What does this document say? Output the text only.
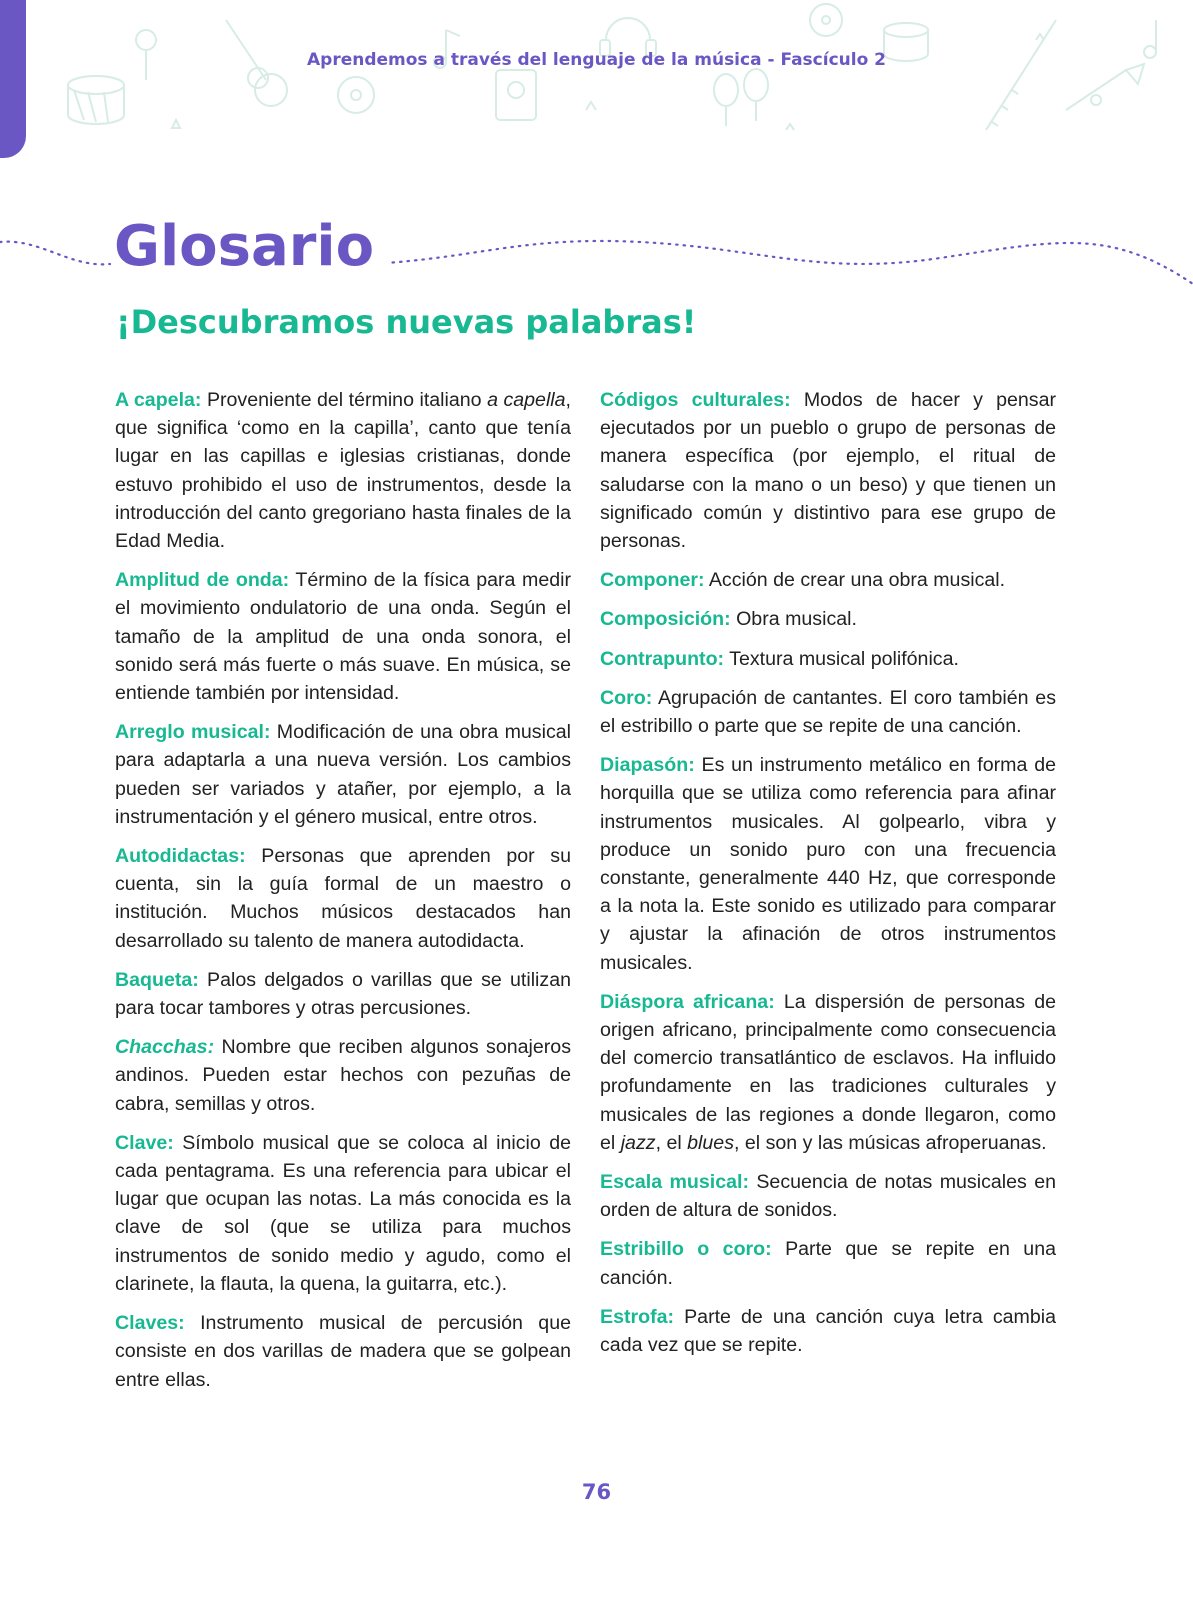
Aprendemos a través del lenguaje de la música - Fascículo 2
Glosario
¡Descubramos nuevas palabras!

A capela: Proveniente del término italiano a capella, que significa ‘como en la capilla’, canto que tenía lugar en las capillas e iglesias cristianas, donde estuvo prohibido el uso de instrumentos, desde la introducción del canto gregoriano hasta finales de la Edad Media.

Amplitud de onda: Término de la física para medir el movimiento ondulatorio de una onda. Según el tamaño de la amplitud de una onda sonora, el sonido será más fuerte o más suave. En música, se entiende también por intensidad.

Arreglo musical: Modificación de una obra musical para adaptarla a una nueva versión. Los cambios pueden ser variados y atañer, por ejemplo, a la instrumentación y el género musical, entre otros.

Autodidactas: Personas que aprenden por su cuenta, sin la guía formal de un maestro o institución. Muchos músicos destacados han desarrollado su talento de manera autodidacta.

Baqueta: Palos delgados o varillas que se utilizan para tocar tambores y otras percusiones.

Chacchas: Nombre que reciben algunos sonajeros andinos. Pueden estar hechos con pezuñas de cabra, semillas y otros.

Clave: Símbolo musical que se coloca al inicio de cada pentagrama. Es una referencia para ubicar el lugar que ocupan las notas. La más conocida es la clave de sol (que se utiliza para muchos instrumentos de sonido medio y agudo, como el clarinete, la flauta, la quena, la guitarra, etc.).

Claves: Instrumento musical de percusión que consiste en dos varillas de madera que se golpean entre ellas.

Códigos culturales: Modos de hacer y pensar ejecutados por un pueblo o grupo de personas de manera específica (por ejemplo, el ritual de saludarse con la mano o un beso) y que tienen un significado común y distintivo para ese grupo de personas.

Componer: Acción de crear una obra musical.

Composición: Obra musical.

Contrapunto: Textura musical polifónica.

Coro: Agrupación de cantantes. El coro también es el estribillo o parte que se repite de una canción.

Diapasón: Es un instrumento metálico en forma de horquilla que se utiliza como referencia para afinar instrumentos musicales. Al golpearlo, vibra y produce un sonido puro con una frecuencia constante, generalmente 440 Hz, que corresponde a la nota la. Este sonido es utilizado para comparar y ajustar la afinación de otros instrumentos musicales.

Diáspora africana: La dispersión de personas de origen africano, principalmente como consecuencia del comercio transatlántico de esclavos. Ha influido profundamente en las tradiciones culturales y musicales de las regiones a donde llegaron, como el jazz, el blues, el son y las músicas afroperuanas.

Escala musical: Secuencia de notas musicales en orden de altura de sonidos.

Estribillo o coro: Parte que se repite en una canción.

Estrofa: Parte de una canción cuya letra cambia cada vez que se repite.

76
